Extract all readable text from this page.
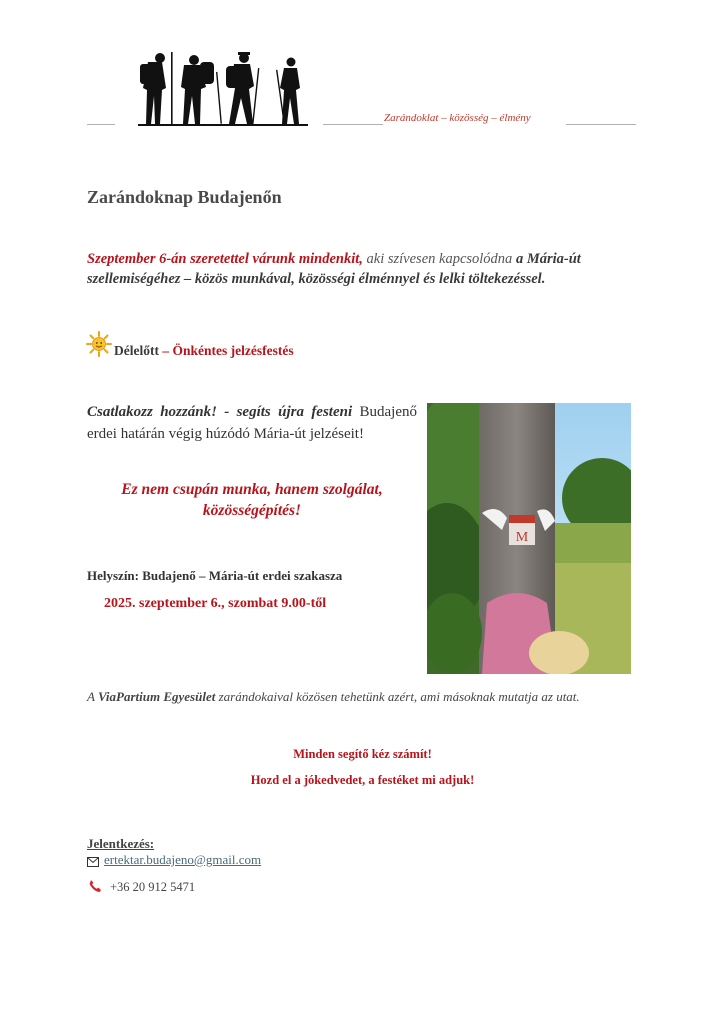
Zarándoklat – közösség – élmény
Zarándoknap Budajenőn
Szeptember 6-án szeretettel várunk mindenkit, aki szívesen kapcsolódna a Mária-út szellemiségéhez – közös munkával, közösségi élménnyel és lelki töltekezéssel.
Délelőtt – Önkéntes jelzésfestés
Csatlakozz hozzánk! - segíts újra festeni Budajenő erdei határán végig húzódó Mária-út jelzéseit!
Ez nem csupán munka, hanem szolgálat,
közösségépítés!
M
Helyszín: Budajenő – Mária-út erdei szakasza
2025. szeptember 6., szombat 9.00-től
A ViaPartium Egyesület zarándokaival közösen tehetünk azért, ami másoknak mutatja az utat.
Minden segítő kéz számít!
Hozd el a jókedvedet, a festéket mi adjuk!
Jelentkezés:
ertektar.budajeno@gmail.com
+36 20 912 5471
